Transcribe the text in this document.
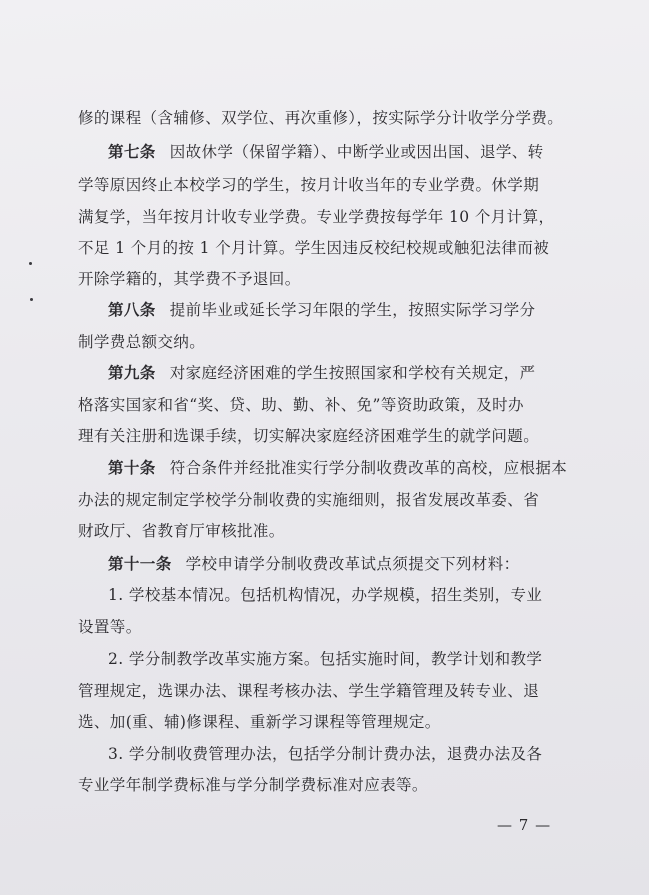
修的课程（含辅修、双学位、再次重修），按实际学分计收学分学费。
第七条 因故休学（保留学籍）、中断学业或因出国、退学、转
学等原因终止本校学习的学生，按月计收当年的专业学费。休学期
满复学，当年按月计收专业学费。专业学费按每学年 10 个月计算，
不足 1 个月的按 1 个月计算。学生因违反校纪校规或触犯法律而被
开除学籍的，其学费不予退回。
第八条 提前毕业或延长学习年限的学生，按照实际学习学分
制学费总额交纳。
第九条 对家庭经济困难的学生按照国家和学校有关规定，严
格落实国家和省“奖、贷、助、勤、补、免”等资助政策，及时办
理有关注册和选课手续，切实解决家庭经济困难学生的就学问题。
第十条 符合条件并经批准实行学分制收费改革的高校，应根据本
办法的规定制定学校学分制收费的实施细则，报省发展改革委、省
财政厅、省教育厅审核批准。
第十一条 学校申请学分制收费改革试点须提交下列材料：
1. 学校基本情况。包括机构情况，办学规模，招生类别，专业
设置等。
2. 学分制教学改革实施方案。包括实施时间，教学计划和教学
管理规定，选课办法、课程考核办法、学生学籍管理及转专业、退
选、加(重、辅)修课程、重新学习课程等管理规定。
3. 学分制收费管理办法，包括学分制计费办法，退费办法及各
专业学年制学费标准与学分制学费标准对应表等。
— 7 —
